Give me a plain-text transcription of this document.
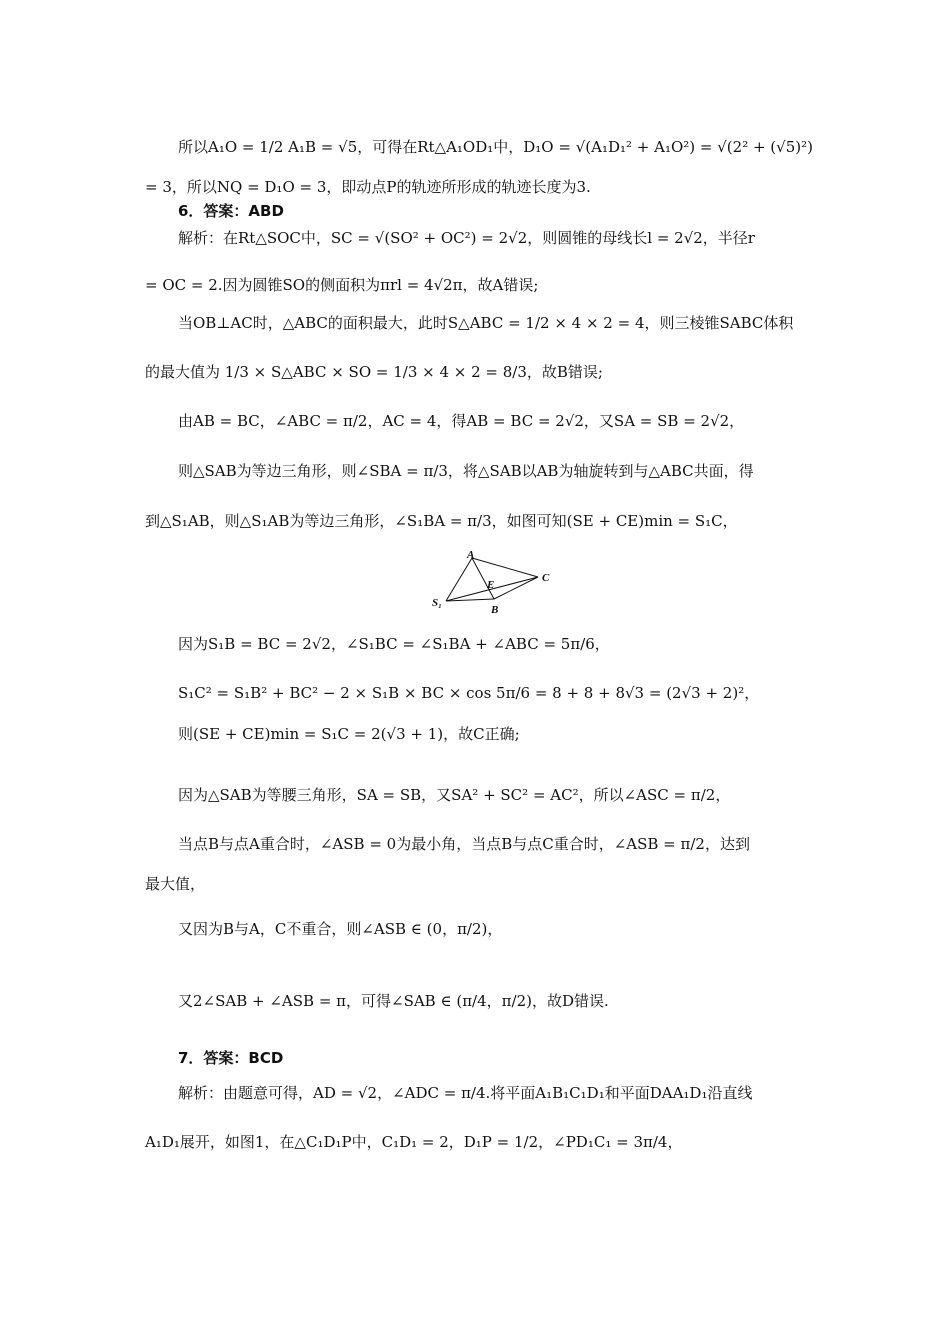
所以A₁O = 1/2 A₁B = √5，可得在Rt△A₁OD₁中，D₁O = √(A₁D₁² + A₁O²) = √(2² + (√5)²)
= 3，所以NQ = D₁O = 3，即动点P的轨迹所形成的轨迹长度为3.
6．答案：ABD
解析：在Rt△SOC中，SC = √(SO² + OC²) = 2√2，则圆锥的母线长l = 2√2，半径r
= OC = 2.因为圆锥SO的侧面积为πrl = 4√2π，故A错误;
当OB⊥AC时，△ABC的面积最大，此时S△ABC = 1/2 × 4 × 2 = 4，则三棱锥SABC体积
的最大值为 1/3 × S△ABC × SO = 1/3 × 4 × 2 = 8/3，故B错误;
由AB = BC，∠ABC = π/2，AC = 4，得AB = BC = 2√2，又SA = SB = 2√2，
则△SAB为等边三角形，则∠SBA = π/3，将△SAB以AB为轴旋转到与△ABC共面，得
到△S₁AB，则△S₁AB为等边三角形，∠S₁BA = π/3，如图可知(SE + CE)min = S₁C，
A
C
E
S₁
B
因为S₁B = BC = 2√2，∠S₁BC = ∠S₁BA + ∠ABC = 5π/6，
S₁C² = S₁B² + BC² − 2 × S₁B × BC × cos 5π/6 = 8 + 8 + 8√3 = (2√3 + 2)²，
则(SE + CE)min = S₁C = 2(√3 + 1)，故C正确;
因为△SAB为等腰三角形，SA = SB，又SA² + SC² = AC²，所以∠ASC = π/2，
当点B与点A重合时，∠ASB = 0为最小角，当点B与点C重合时，∠ASB = π/2，达到
最大值，
又因为B与A，C不重合，则∠ASB ∈ (0，π/2)，
又2∠SAB + ∠ASB = π，可得∠SAB ∈ (π/4，π/2)，故D错误.
7．答案：BCD
解析：由题意可得，AD = √2，∠ADC = π/4.将平面A₁B₁C₁D₁和平面DAA₁D₁沿直线
A₁D₁展开，如图1，在△C₁D₁P中，C₁D₁ = 2，D₁P = 1/2，∠PD₁C₁ = 3π/4，
